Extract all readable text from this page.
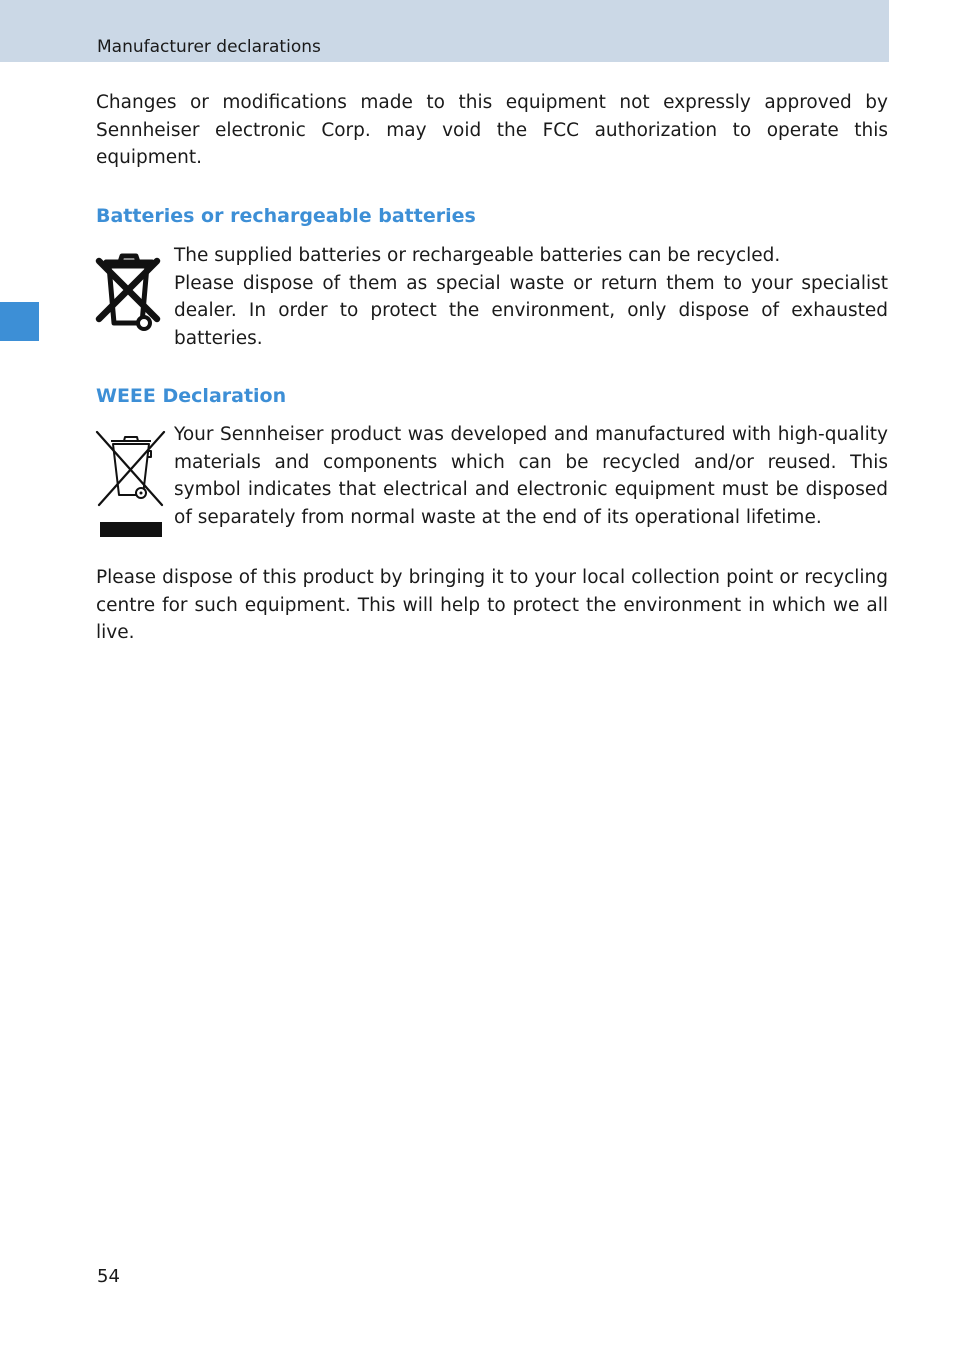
Manufacturer declarations

Changes or modifications made to this equipment not expressly approved by Sennheiser electronic Corp. may void the FCC authorization to operate this equipment.

Batteries or rechargeable batteries

The supplied batteries or rechargeable batteries can be recycled.
Please dispose of them as special waste or return them to your specialist dealer. In order to protect the environment, only dispose of exhausted batteries.

WEEE Declaration

Your Sennheiser product was developed and manufactured with high-quality materials and components which can be recycled and/or reused. This symbol indicates that electrical and electronic equipment must be disposed of separately from normal waste at the end of its operational lifetime.

Please dispose of this product by bringing it to your local collection point or recycling centre for such equipment. This will help to protect the environment in which we all live.

54
